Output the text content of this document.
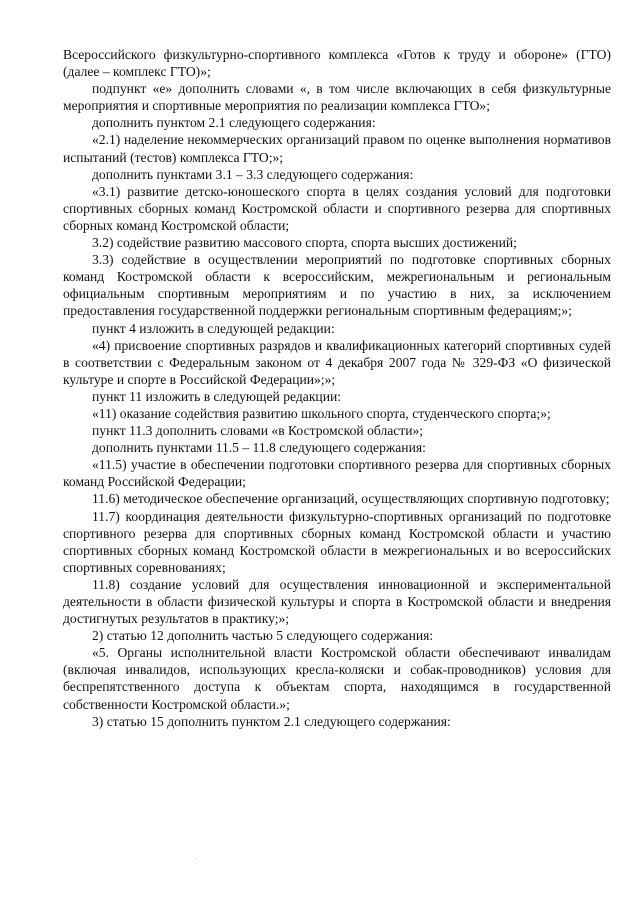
Всероссийского физкультурно-спортивного комплекса «Готов к труду и обороне» (ГТО) (далее – комплекс ГТО)»;

подпункт «е» дополнить словами «, в том числе включающих в себя физкультурные мероприятия и спортивные мероприятия по реализации комплекса ГТО»;

дополнить пунктом 2.1 следующего содержания:

«2.1) наделение некоммерческих организаций правом по оценке выполнения нормативов испытаний (тестов) комплекса ГТО;»;

дополнить пунктами 3.1 – 3.3 следующего содержания:

«3.1) развитие детско-юношеского спорта в целях создания условий для подготовки спортивных сборных команд Костромской области и спортивного резерва для спортивных сборных команд Костромской области;

3.2) содействие развитию массового спорта, спорта высших достижений;

3.3) содействие в осуществлении мероприятий по подготовке спортивных сборных команд Костромской области к всероссийским, межрегиональным и региональным официальным спортивным мероприятиям и по участию в них, за исключением предоставления государственной поддержки региональным спортивным федерациям;»;

пункт 4 изложить в следующей редакции:

«4) присвоение спортивных разрядов и квалификационных категорий спортивных судей в соответствии с Федеральным законом от 4 декабря 2007 года № 329-ФЗ «О физической культуре и спорте в Российской Федерации»;»;

пункт 11 изложить в следующей редакции:

«11) оказание содействия развитию школьного спорта, студенческого спорта;»;

пункт 11.3 дополнить словами «в Костромской области»;

дополнить пунктами 11.5 – 11.8 следующего содержания:

«11.5) участие в обеспечении подготовки спортивного резерва для спортивных сборных команд Российской Федерации;

11.6) методическое обеспечение организаций, осуществляющих спортивную подготовку;

11.7) координация деятельности физкультурно-спортивных организаций по подготовке спортивного резерва для спортивных сборных команд Костромской области и участию спортивных сборных команд Костромской области в межрегиональных и во всероссийских спортивных соревнованиях;

11.8) создание условий для осуществления инновационной и экспериментальной деятельности в области физической культуры и спорта в Костромской области и внедрения достигнутых результатов в практику;»;

2) статью 12 дополнить частью 5 следующего содержания:

«5. Органы исполнительной власти Костромской области обеспечивают инвалидам (включая инвалидов, использующих кресла-коляски и собак-проводников) условия для беспрепятственного доступа к объектам спорта, находящимся в государственной собственности Костромской области.»;

3) статью 15 дополнить пунктом 2.1 следующего содержания:
